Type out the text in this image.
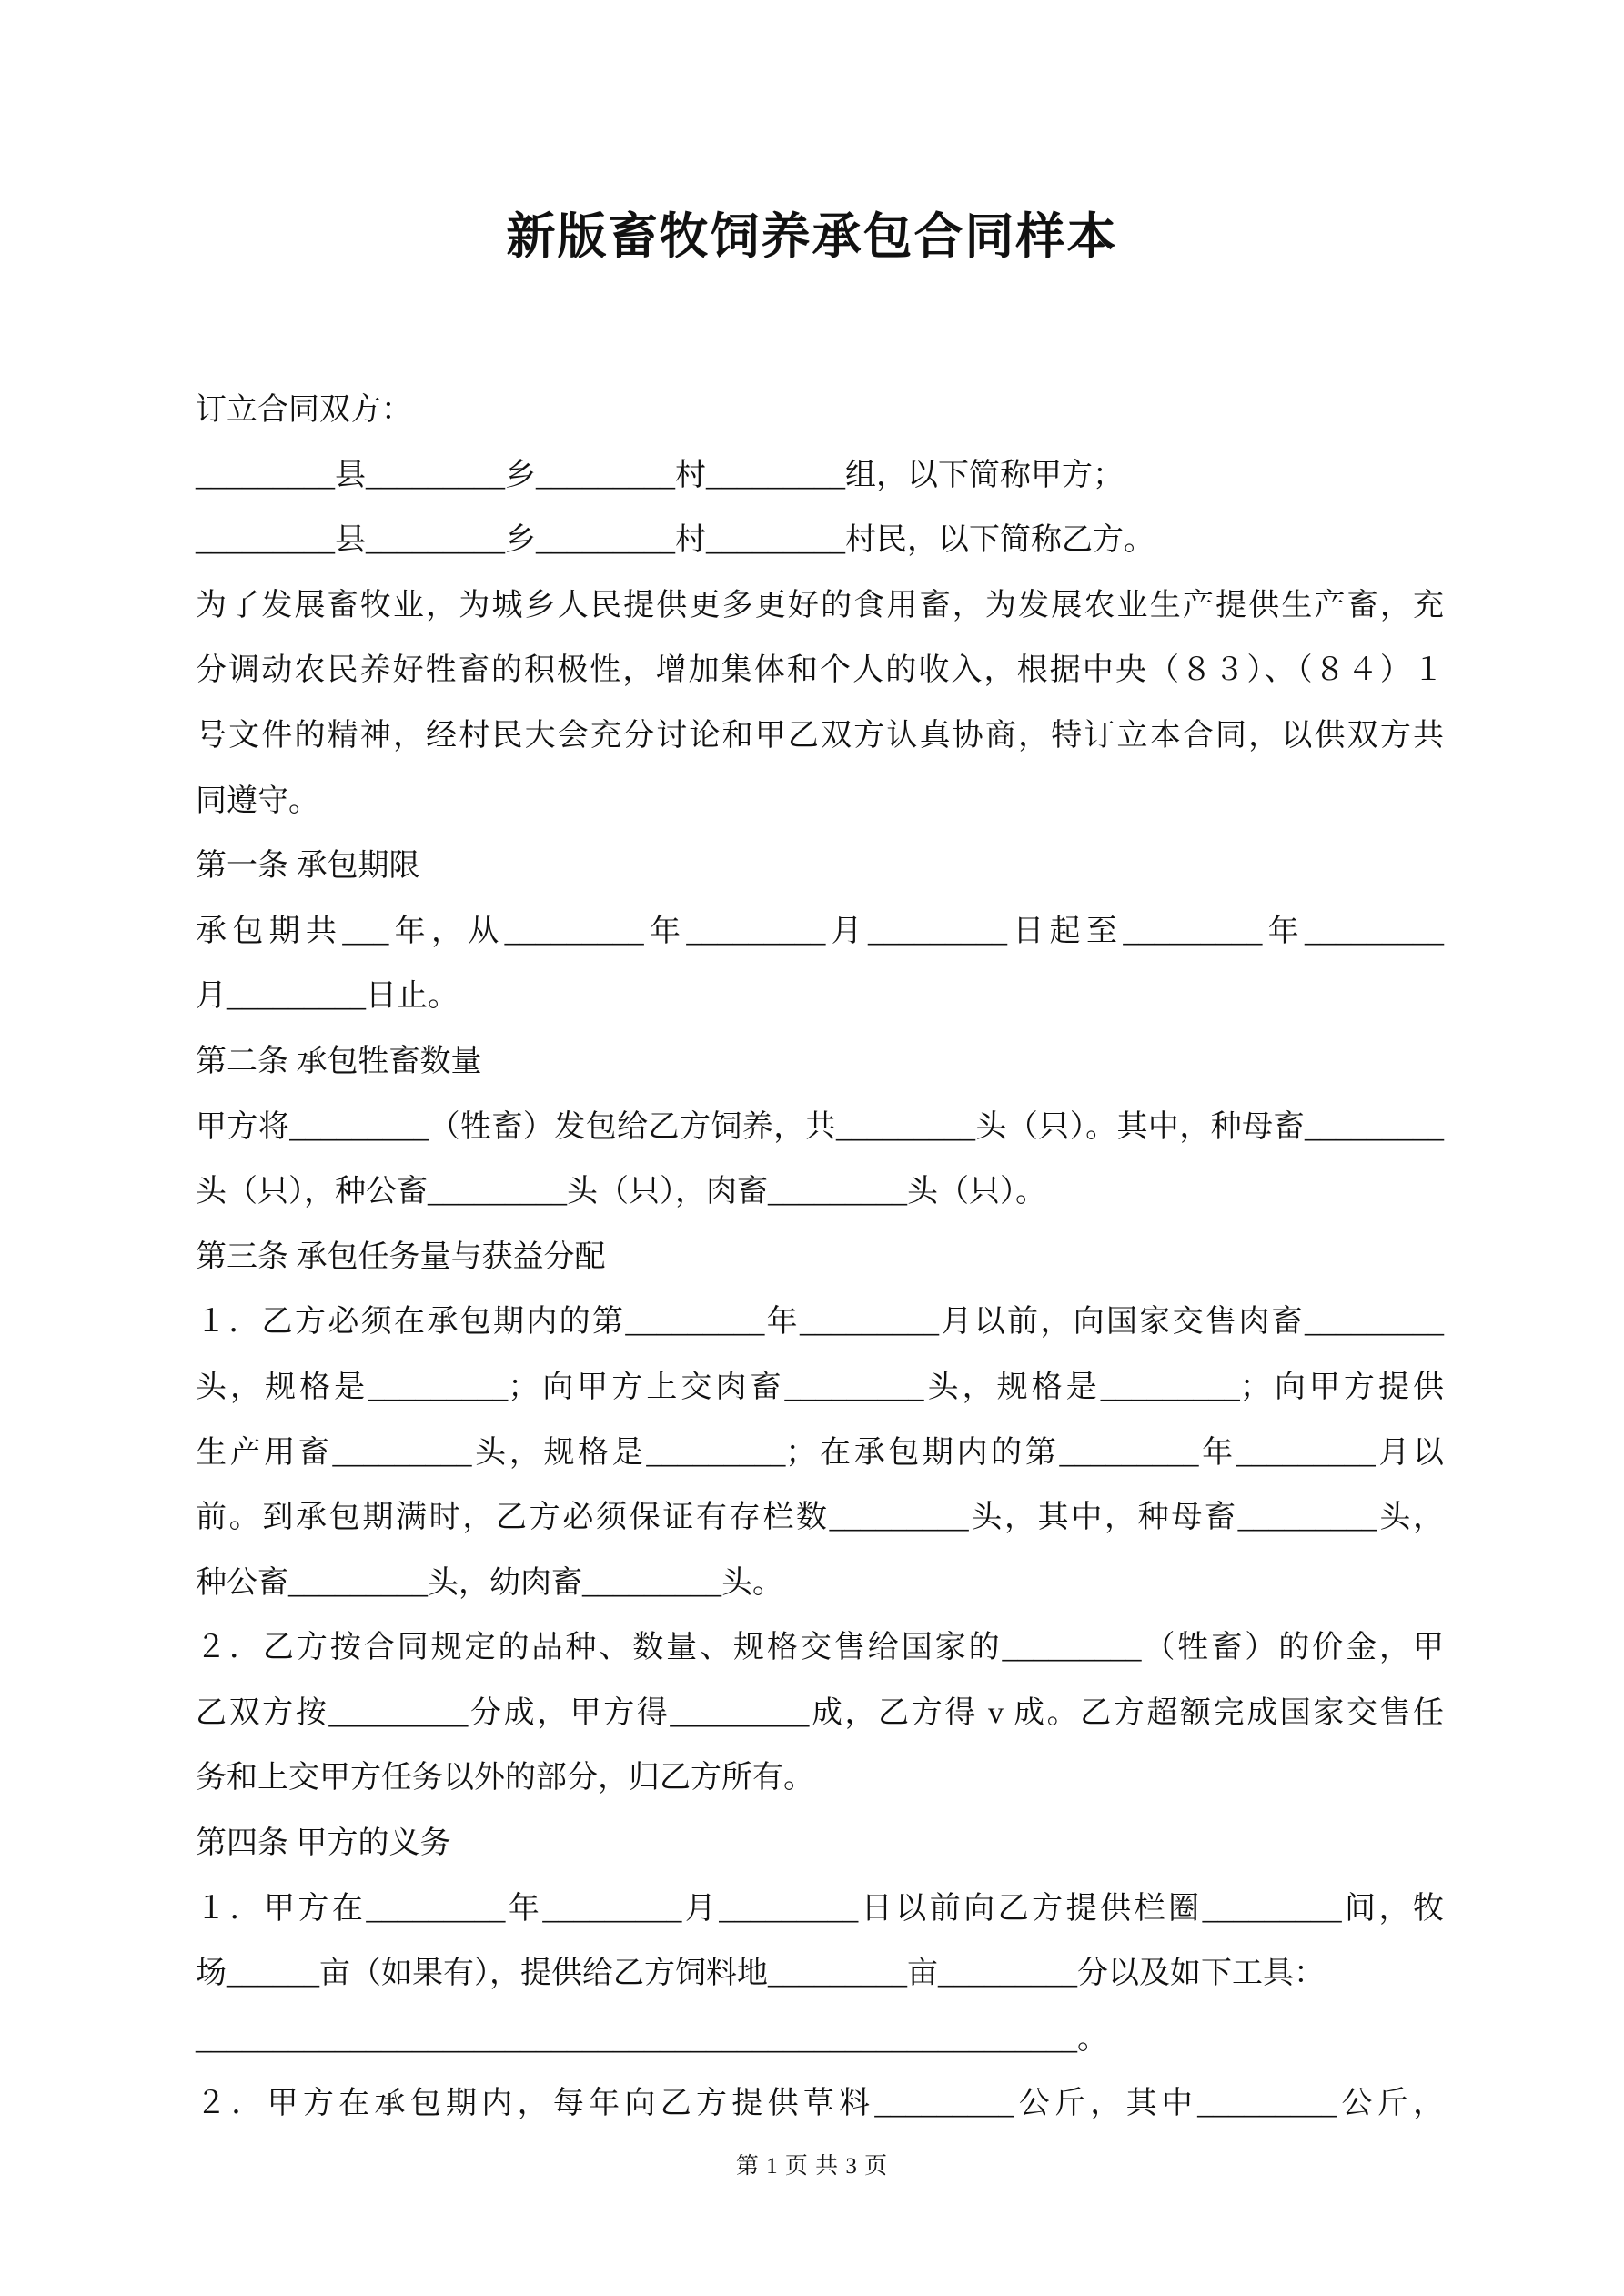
新版畜牧饲养承包合同样本
订立合同双方：
_________县_________乡_________村_________组，以下简称甲方；
_________县_________乡_________村_________村民，以下简称乙方。
为了发展畜牧业，为城乡人民提供更多更好的食用畜，为发展农业生产提供生产畜，充
分调动农民养好牲畜的积极性，增加集体和个人的收入，根据中央（８３）、（８４）１
号文件的精神，经村民大会充分讨论和甲乙双方认真协商，特订立本合同，以供双方共
同遵守。
第一条 承包期限
承包期共___年，从_________年_________月_________日起至_________年_________
月_________日止。
第二条 承包牲畜数量
甲方将_________（牲畜）发包给乙方饲养，共_________头（只）。其中，种母畜_________
头（只），种公畜_________头（只），肉畜_________头（只）。
第三条 承包任务量与获益分配
１．乙方必须在承包期内的第_________年_________月以前，向国家交售肉畜_________
头，规格是_________；向甲方上交肉畜_________头，规格是_________；向甲方提供
生产用畜_________头，规格是_________；在承包期内的第_________年_________月以
前。到承包期满时，乙方必须保证有存栏数_________头，其中，种母畜_________头，
种公畜_________头，幼肉畜_________头。
２．乙方按合同规定的品种、数量、规格交售给国家的_________（牲畜）的价金，甲
乙双方按_________分成，甲方得_________成，乙方得 v 成。乙方超额完成国家交售任
务和上交甲方任务以外的部分，归乙方所有。
第四条 甲方的义务
１．甲方在_________年_________月_________日以前向乙方提供栏圈_________间，牧
场______亩（如果有），提供给乙方饲料地_________亩_________分以及如下工具：
_________________________________________________________。
２．甲方在承包期内，每年向乙方提供草料_________公斤，其中_________公斤，
第 1 页 共 3 页
